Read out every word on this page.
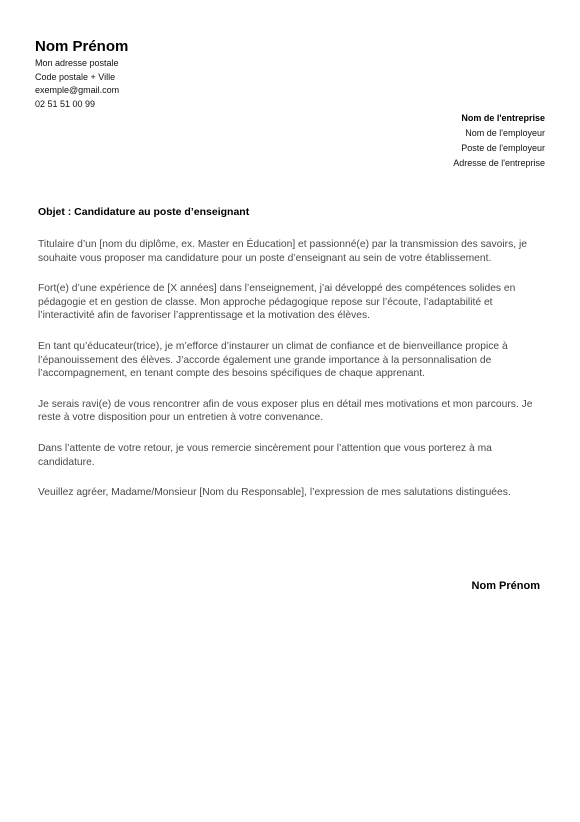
Nom Prénom
Mon adresse postale
Code postale + Ville
exemple@gmail.com
02 51 51 00 99
Nom de l'entreprise
Nom de l'employeur
Poste de l'employeur
Adresse de l'entreprise
Objet : Candidature au poste d’enseignant

Titulaire d’un [nom du diplôme, ex. Master en Éducation] et passionné(e) par la transmission des savoirs, je souhaite vous proposer ma candidature pour un poste d’enseignant au sein de votre établissement.

Fort(e) d’une expérience de [X années] dans l’enseignement, j’ai développé des compétences solides en pédagogie et en gestion de classe. Mon approche pédagogique repose sur l’écoute, l’adaptabilité et l’interactivité afin de favoriser l’apprentissage et la motivation des élèves.

En tant qu’éducateur(trice), je m’efforce d’instaurer un climat de confiance et de bienveillance propice à l’épanouissement des élèves. J’accorde également une grande importance à la personnalisation de l’accompagnement, en tenant compte des besoins spécifiques de chaque apprenant.

Je serais ravi(e) de vous rencontrer afin de vous exposer plus en détail mes motivations et mon parcours. Je reste à votre disposition pour un entretien à votre convenance.

Dans l’attente de votre retour, je vous remercie sincèrement pour l’attention que vous porterez à ma candidature.

Veuillez agréer, Madame/Monsieur [Nom du Responsable], l’expression de mes salutations distinguées.

Nom Prénom
